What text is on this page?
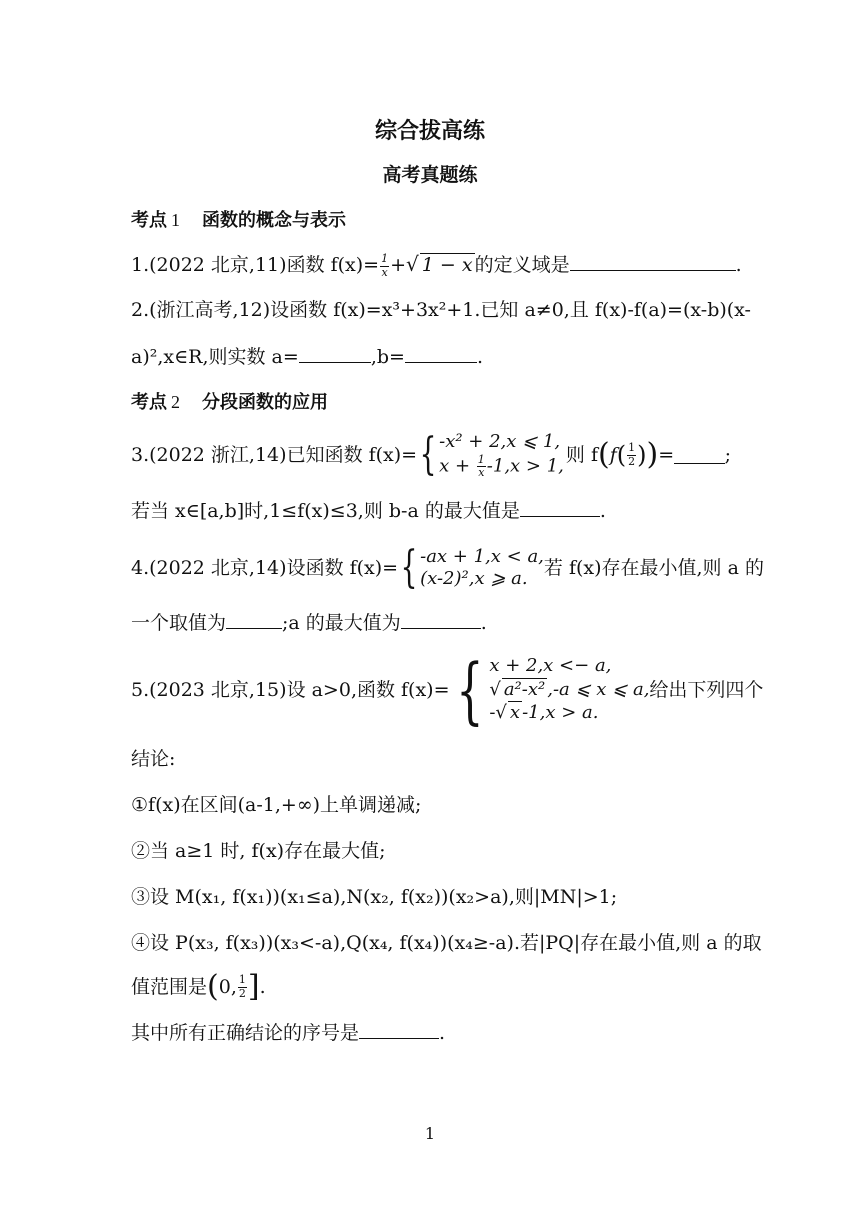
综合拔高练
高考真题练
考点 1 函数的概念与表示
1.(2022 北京,11)函数 $f(x)= \frac{1}{x}$ +√ 1 − x 的定义域是	.
2.(浙江高考,12)设函数 f(x)=x³+3x²+1.已知 a≠0,且 f(x)-f(a)=(x-b)(x-
a)²,x∈R,则实数 a=	,b=	.
考点 2 分段函数的应用
3.(2022 浙江,14)已知函数 f(x)= { -x² + 2,x ⩽ 1,
$x + \frac{1}{x} -1,x > 1$,
则 f ( f ( $\frac{1}{2}$ ) ) =	;
若当 x∈[a,b]时,1≤f(x)≤3,则 b-a 的最大值是	.
4.(2022 北京,14)设函数 f(x)= { -ax + 1,x < a,
(x-2)²,x ⩾ a. 若 f(x)存在最小值,则 a 的
一个取值为	;a 的最大值为	.
5.(2023 北京,15)设 a>0,函数 f(x)= { x + 2,x <− a,
√ a²-x² ,-a ⩽ x ⩽ a,
-√ x -1,x > a.
给出下列四个
结论:
①f(x)在区间(a-1,+∞)上单调递减;
②当 a≥1 时, f(x)存在最大值;
③设 M(x₁, f(x₁))(x₁≤a),N(x₂, f(x₂))(x₂>a),则|MN|>1;
④设 P(x₃, f(x₃))(x₃<-a),Q(x₄, f(x₄))(x₄≥-a).若|PQ|存在最小值,则 a 的取
值范围是 ( 0, $\frac{1}{2}$ ] .
其中所有正确结论的序号是	.
1
